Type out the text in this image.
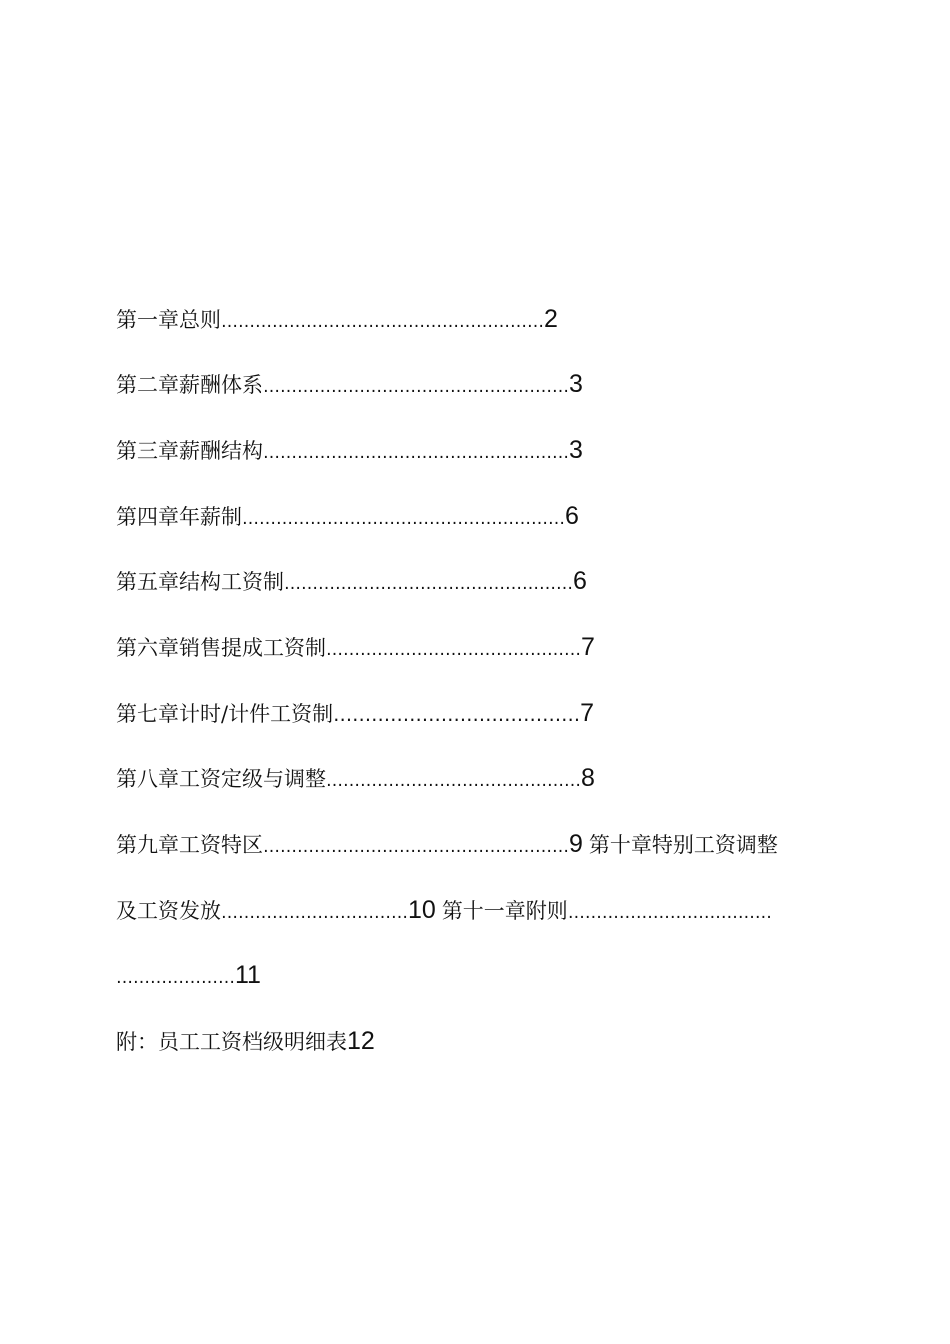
第一章总则…………………………………………………2
第二章薪酬体系………………………………………………3
第三章薪酬结构………………………………………………3
第四章年薪制…………………………………………………6
第五章结构工资制……………………………………………6
第六章销售提成工资制………………………………………7
第七章计时/计件工资制…………………………………7
第八章工资定级与调整………………………………………8
第九章工资特区………………………………………………9 第十章特别工资调整
及工资发放……………………………10 第十一章附则………………………………
…………………11
附：员工工资档级明细表12
